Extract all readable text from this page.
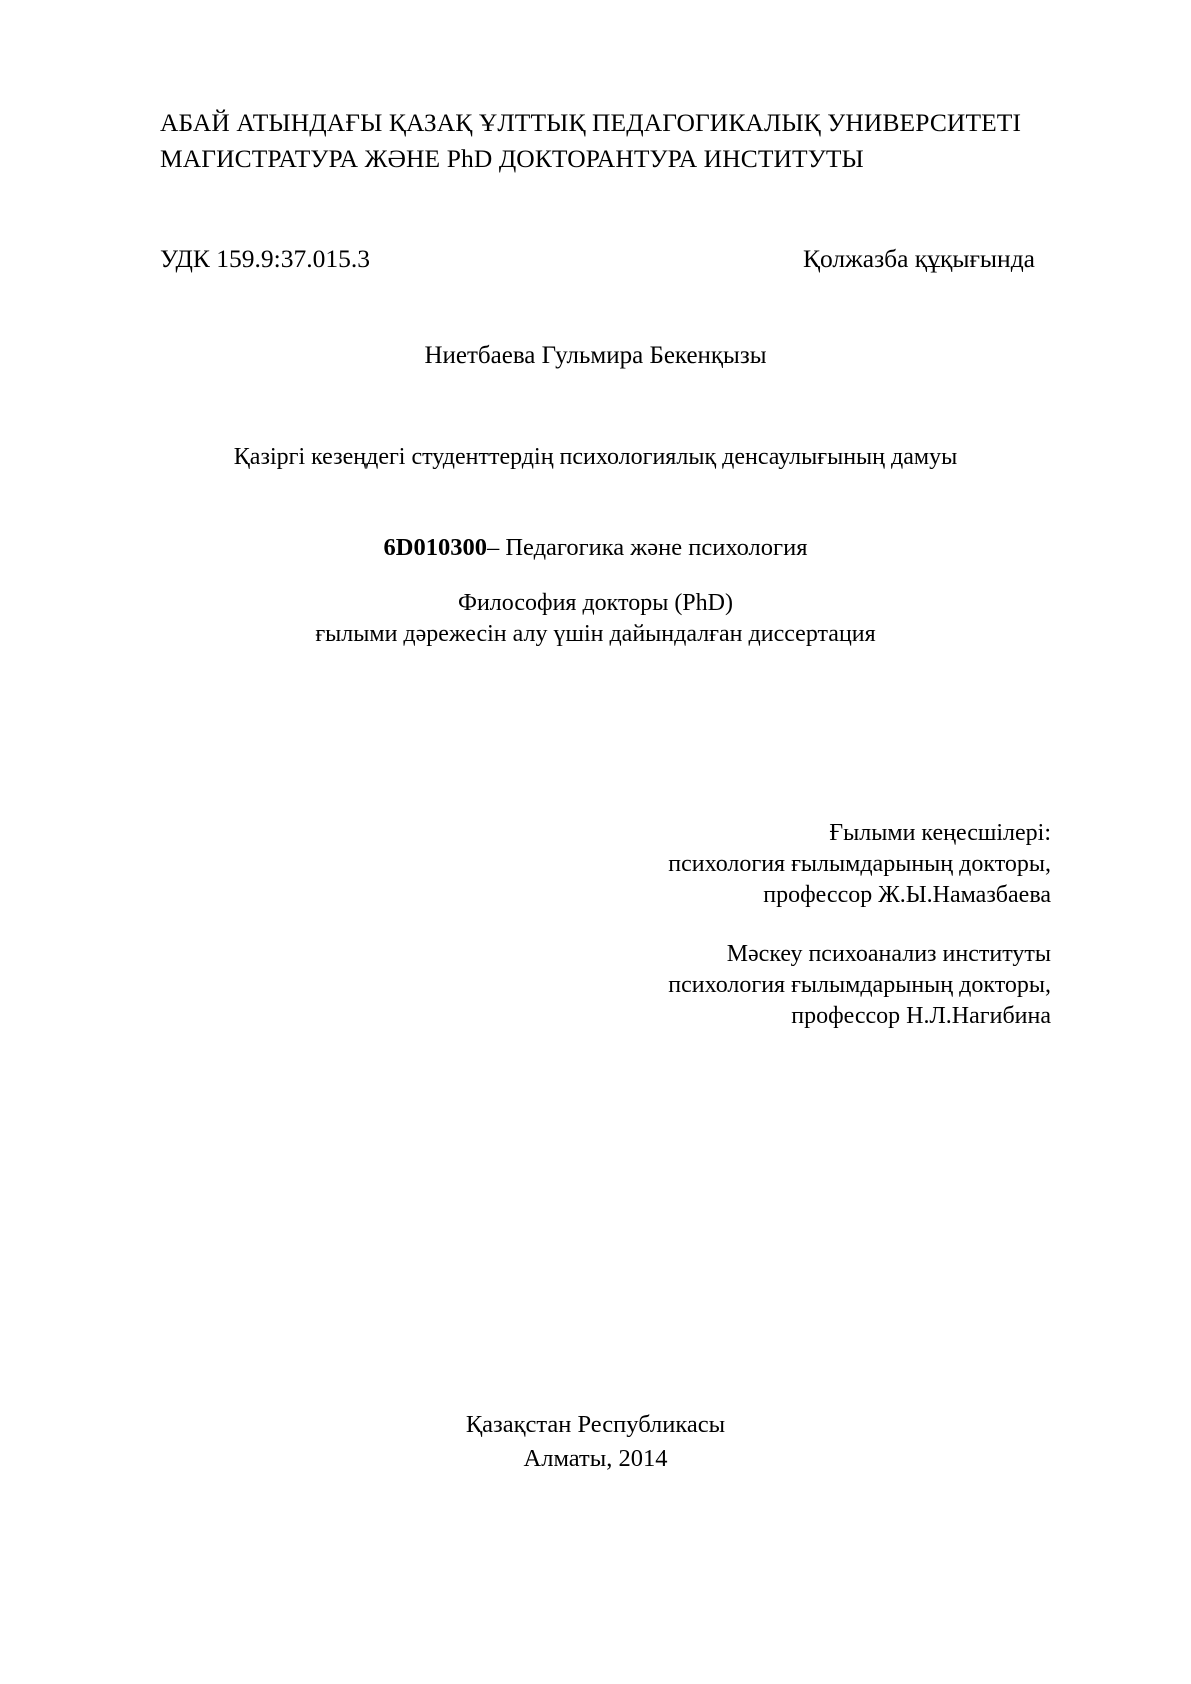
АБАЙ АТЫНДАҒЫ ҚАЗАҚ ҰЛТТЫҚ ПЕДАГОГИКАЛЫҚ УНИВЕРСИТЕТІ
МАГИСТРАТУРА ЖӘНЕ PhD ДОКТОРАНТУРА ИНСТИТУТЫ
УДК 159.9:37.015.3	Қолжазба құқығында
Ниетбаева Гульмира Бекенқызы
Қазіргі кезеңдегі студенттердің психологиялық денсаулығының дамуы
6D010300– Педагогика және психология
Философия докторы (PhD)
ғылыми дәрежесін алу үшін дайындалған диссертация
Ғылыми кеңесшілері:
психология ғылымдарының докторы,
профессор Ж.Ы.Намазбаева
Мәскеу психоанализ институты
психология ғылымдарының докторы,
профессор Н.Л.Нагибина
Қазақстан Республикасы
Алматы, 2014
